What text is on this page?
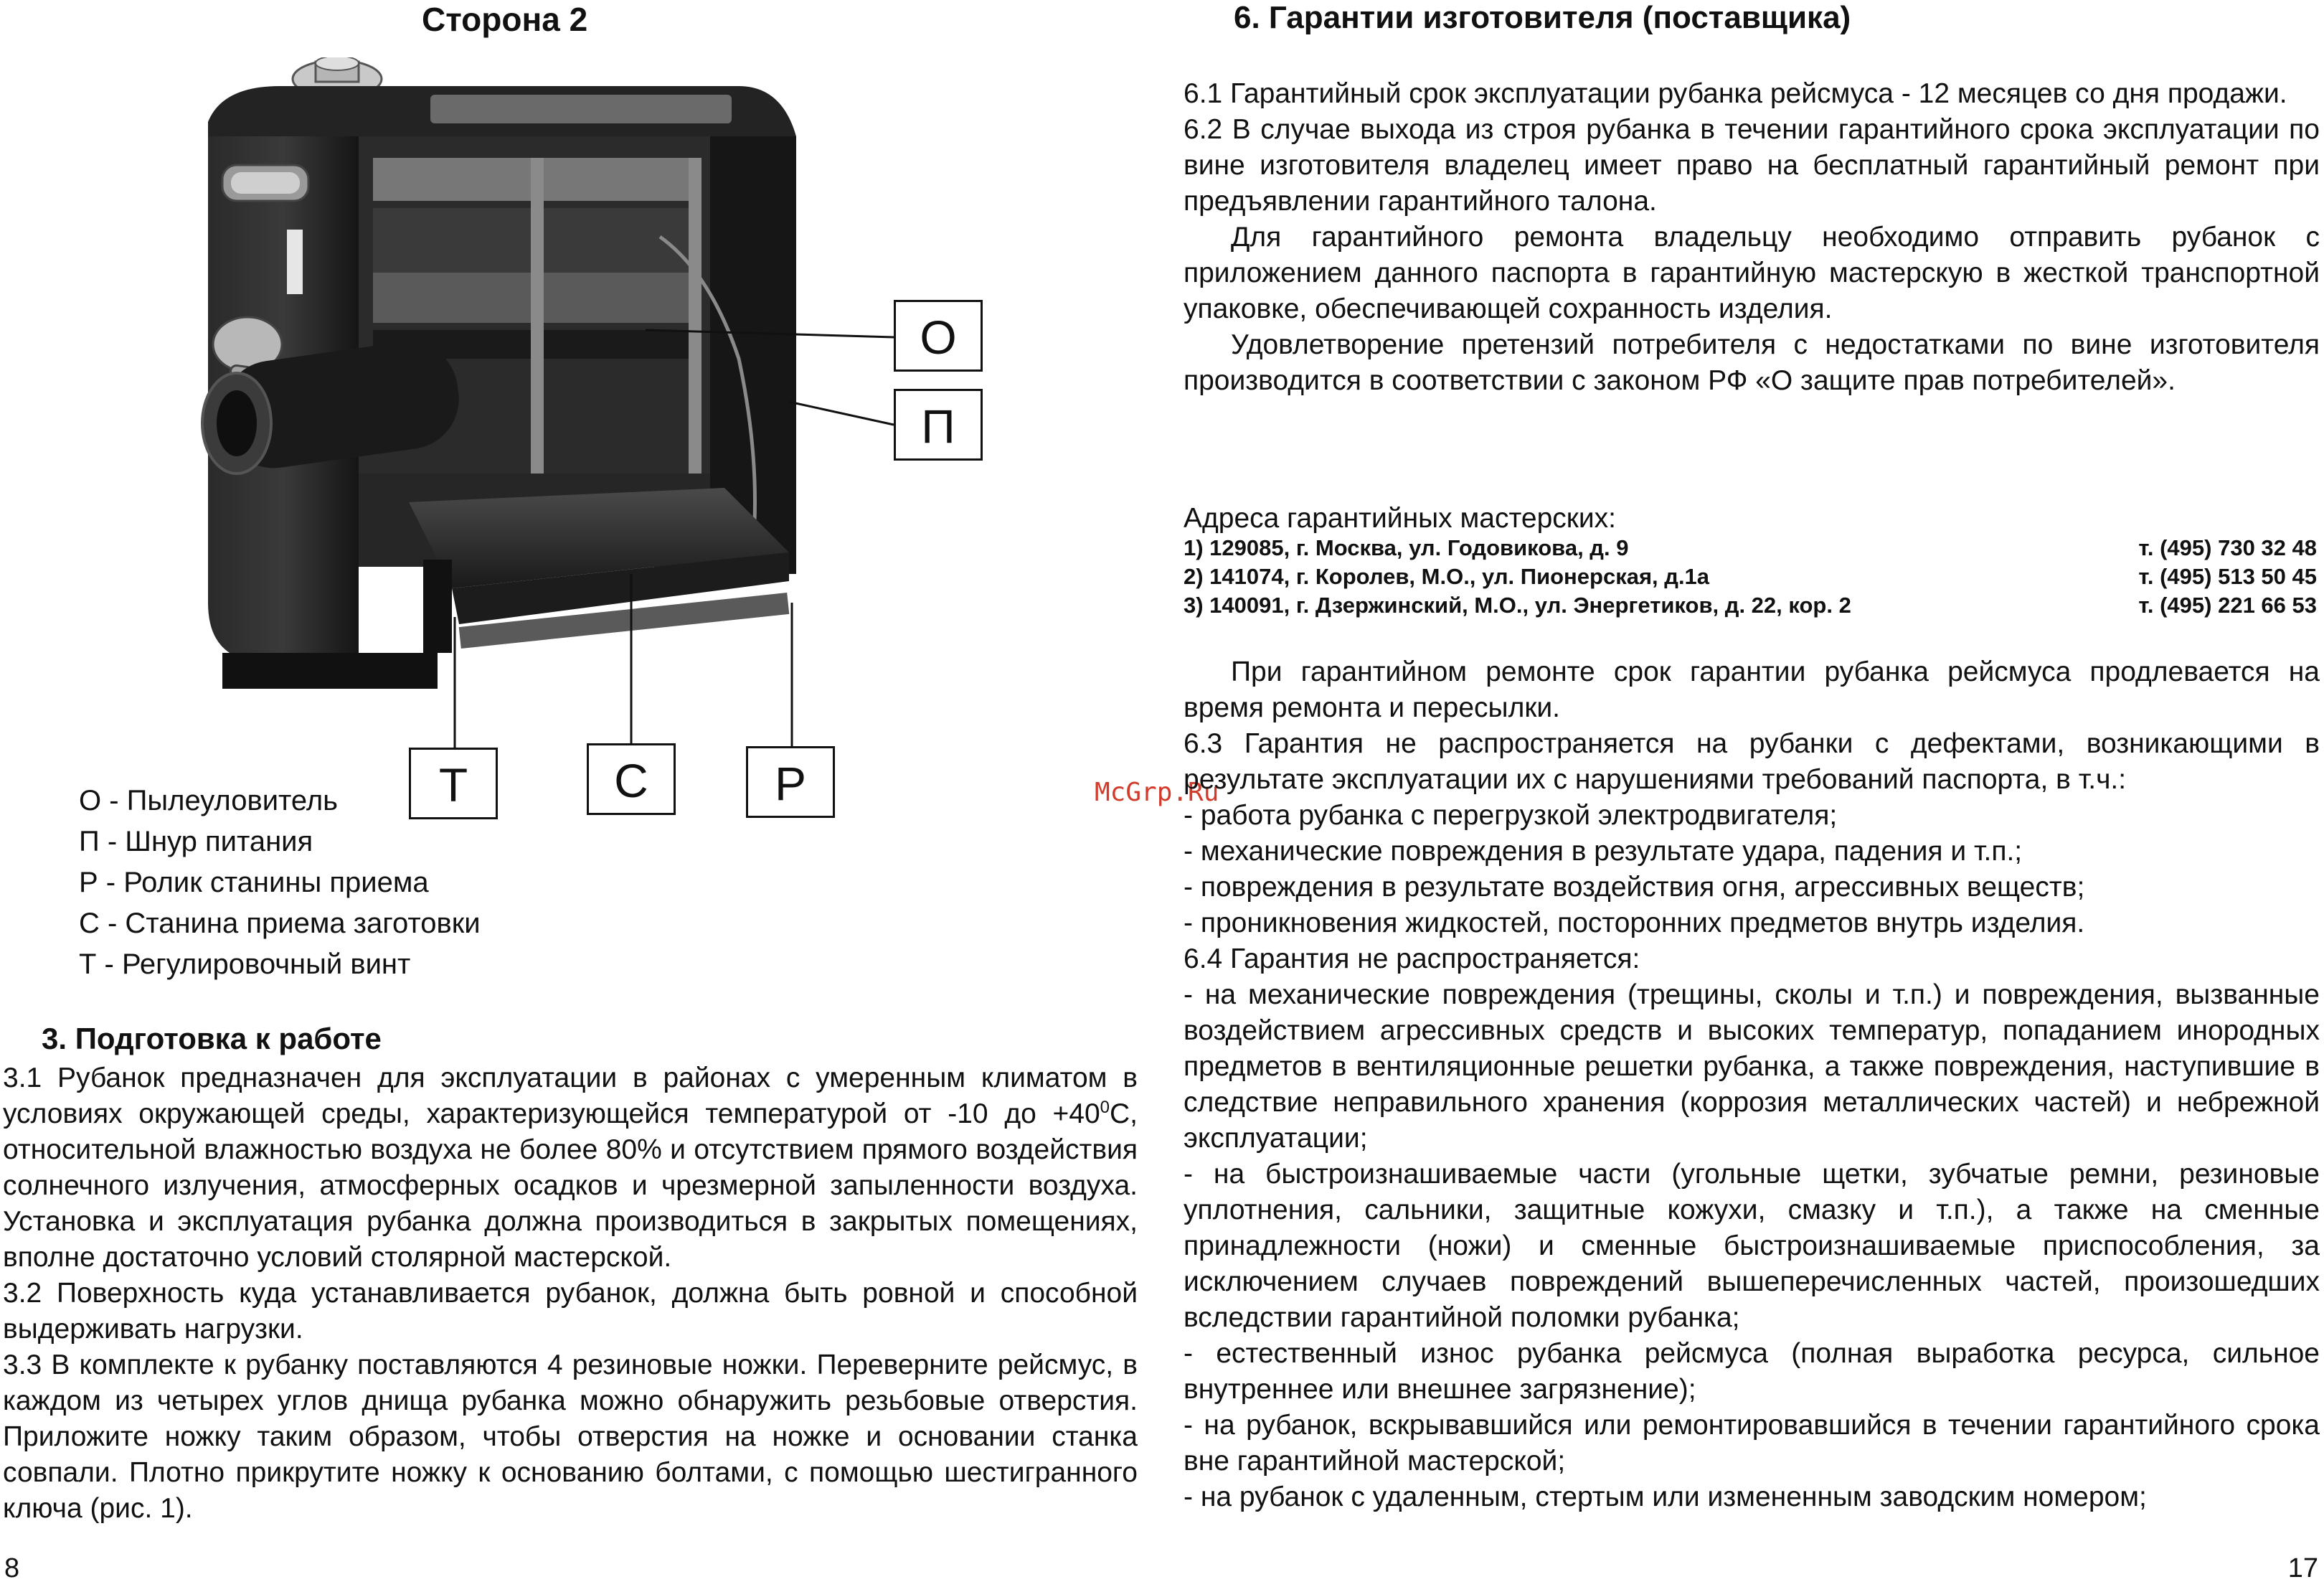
Сторона 2
О
П
Т	С	Р
О - Пылеуловитель
П - Шнур питания
Р - Ролик станины приема
С - Станина приема заготовки
Т - Регулировочный винт
3. Подготовка к работе

3.1 Рубанок предназначен для эксплуатации в районах с умеренным климатом в условиях окружающей среды, характеризующейся температурой от -10 до $+40^0С$, относительной влажностью воздуха не более 80% и отсутствием прямого воздействия солнечного излучения, атмосферных осадков и чрезмерной запыленности воздуха. Установка и эксплуатация рубанка должна производиться в закрытых помещениях, вполне достаточно условий столярной мастерской.

3.2 Поверхность куда устанавливается рубанок, должна быть ровной и способной выдерживать нагрузки.

3.3 В комплекте к рубанку поставляются 4 резиновые ножки. Переверните рейсмус, в каждом из четырех углов днища рубанка можно обнаружить резьбовые отверстия. Приложите ножку таким образом, чтобы отверстия на ножке и основании станка совпали. Плотно прикрутите ножку к основанию болтами, с помощью шестигранного ключа (рис. 1).

8
McGrp.Ru
6. Гарантии изготовителя (поставщика)

6.1 Гарантийный срок эксплуатации рубанка рейсмуса - 12 месяцев со дня продажи.

6.2 В случае выхода из строя рубанка в течении гарантийного срока эксплуатации по вине изготовителя владелец имеет право на бесплатный гарантийный ремонт при предъявлении гарантийного талона.

Для гарантийного ремонта владельцу необходимо отправить рубанок с приложением данного паспорта в гарантийную мастерскую в жесткой транспортной упаковке, обеспечивающей сохранность изделия.

Удовлетворение претензий потребителя с недостатками по вине изготовителя производится в соответствии с законом РФ «О защите прав потребителей».

Адреса гарантийных мастерских:
1) 129085, г. Москва, ул. Годовикова, д. 9	т. (495) 730 32 48
2) 141074, г. Королев, М.О., ул. Пионерская, д.1а	т. (495) 513 50 45
3) 140091, г. Дзержинский, М.О., ул. Энергетиков, д. 22, кор. 2	т. (495) 221 66 53

При гарантийном ремонте срок гарантии рубанка рейсмуса продлевается на время ремонта и пересылки.

6.3 Гарантия не распространяется на рубанки с дефектами, возникающими в результате эксплуатации их с нарушениями требований паспорта, в т.ч.:

- работа рубанка с перегрузкой электродвигателя;

- механические повреждения в результате удара, падения и т.п.;

- повреждения в результате воздействия огня, агрессивных веществ;

- проникновения жидкостей, посторонних предметов внутрь изделия.

6.4 Гарантия не распространяется:

- на механические повреждения (трещины, сколы и т.п.) и повреждения, вызванные воздействием агрессивных средств и высоких температур, попаданием инородных предметов в вентиляционные решетки рубанка, а также повреждения, наступившие в следствие неправильного хранения (коррозия металлических частей) и небрежной эксплуатации;

- на быстроизнашиваемые части (угольные щетки, зубчатые ремни, резиновые уплотнения, сальники, защитные кожухи, смазку и т.п.), а также на сменные принадлежности (ножи) и сменные быстроизнашиваемые приспособления, за исключением случаев повреждений вышеперечисленных частей, произошедших вследствии гарантийной поломки рубанка;

- естественный износ рубанка рейсмуса (полная выработка ресурса, сильное внутреннее или внешнее загрязнение);

- на рубанок, вскрывавшийся или ремонтировавшийся в течении гарантийного срока вне гарантийной мастерской;

- на рубанок с удаленным, стертым или измененным заводским номером;

17
